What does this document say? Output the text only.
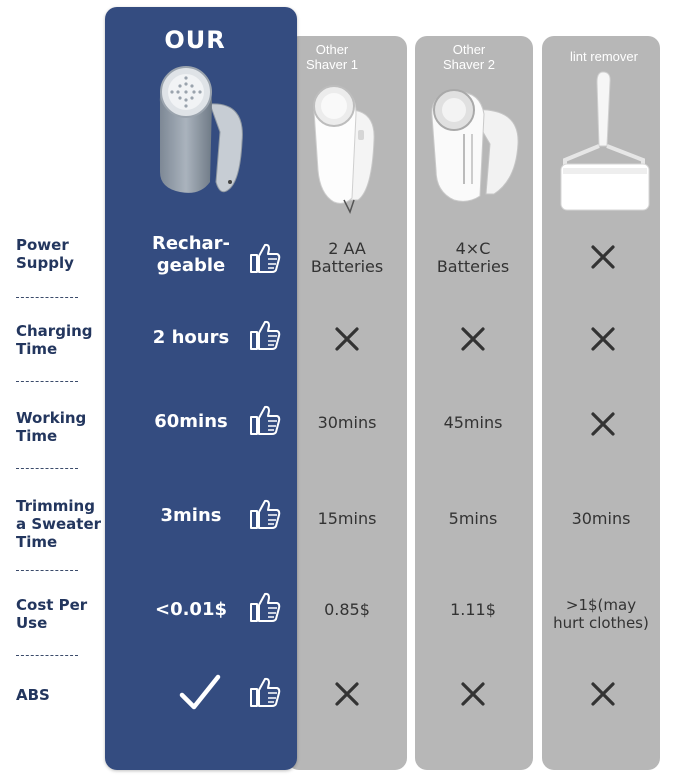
OUR	Other
Shaver 1
Other
Shaver 2
lint remover
Power
Supply
Charging
Time
Working
Time
Trimming
a Sweater
Time
Cost Per
Use
ABS
Rechar-
geable
2 hours
60mins
3mins
<0.01$
2 AA
Batteries
30mins
15mins
0.85$
4×C
Batteries
45mins
5mins
1.11$
30mins
>1$(may
hurt clothes)
